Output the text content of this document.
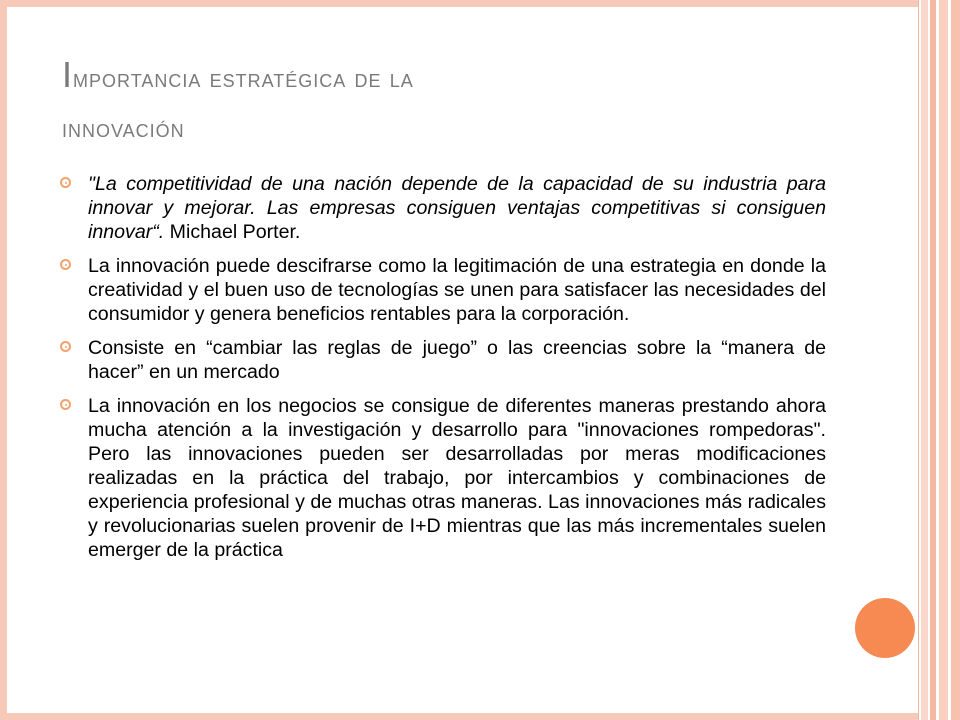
Importancia estratégica de la
innovación
"La competitividad de una nación depende de la capacidad de su industria para innovar y mejorar. Las empresas consiguen ventajas competitivas si consiguen innovar“. Michael Porter.
La innovación puede descifrarse como la legitimación de una estrategia en donde la creatividad y el buen uso de tecnologías se unen para satisfacer las necesidades del consumidor y genera beneficios rentables para la corporación.
Consiste en “cambiar las reglas de juego” o las creencias sobre la “manera de hacer” en un mercado
La innovación en los negocios se consigue de diferentes maneras prestando ahora mucha atención a la investigación y desarrollo para "innovaciones rompedoras". Pero las innovaciones pueden ser desarrolladas por meras modificaciones realizadas en la práctica del trabajo, por intercambios y combinaciones de experiencia profesional y de muchas otras maneras. Las innovaciones más radicales y revolucionarias suelen provenir de I+D mientras que las más incrementales suelen emerger de la práctica
